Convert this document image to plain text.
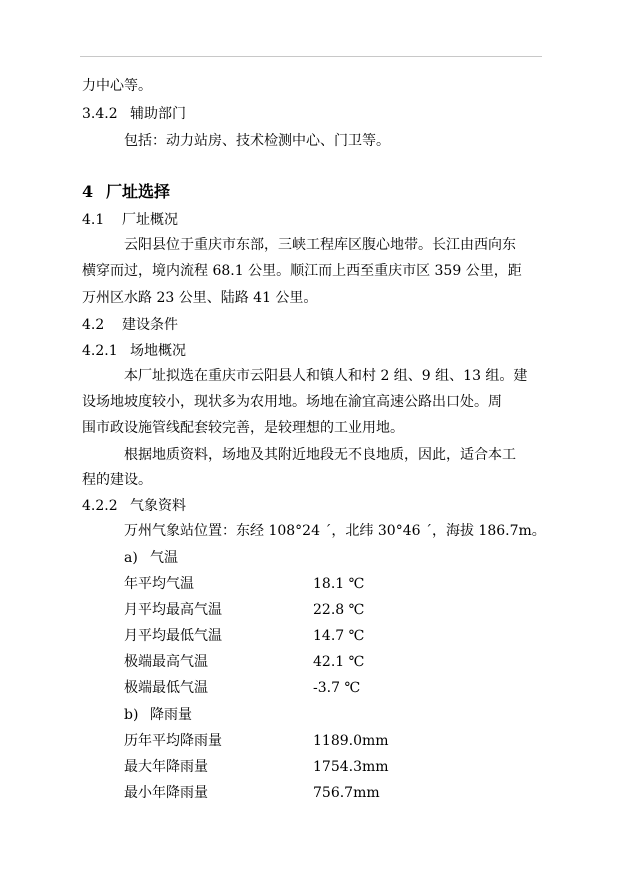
力中心等。
3.4.2 辅助部门
包括：动力站房、技术检测中心、门卫等。
4 厂址选择
4.1 厂址概况
云阳县位于重庆市东部，三峡工程库区腹心地带。长江由西向东
横穿而过，境内流程 68.1 公里。顺江而上西至重庆市区 359 公里，距
万州区水路 23 公里、陆路 41 公里。
4.2 建设条件
4.2.1 场地概况
本厂址拟选在重庆市云阳县人和镇人和村 2 组、9 组、13 组。建
设场地坡度较小，现状多为农用地。场地在渝宜高速公路出口处。周
围市政设施管线配套较完善，是较理想的工业用地。
根据地质资料，场地及其附近地段无不良地质，因此，适合本工
程的建设。
4.2.2 气象资料
万州气象站位置：东经 108°24 ´，北纬 30°46 ´，海拔 186.7m。
a) 气温
年平均气温	18.1 ℃
月平均最高气温	22.8 ℃
月平均最低气温	14.7 ℃
极端最高气温	42.1 ℃
极端最低气温	-3.7 ℃
b) 降雨量
历年平均降雨量	1189.0mm
最大年降雨量	1754.3mm
最小年降雨量	756.7mm
